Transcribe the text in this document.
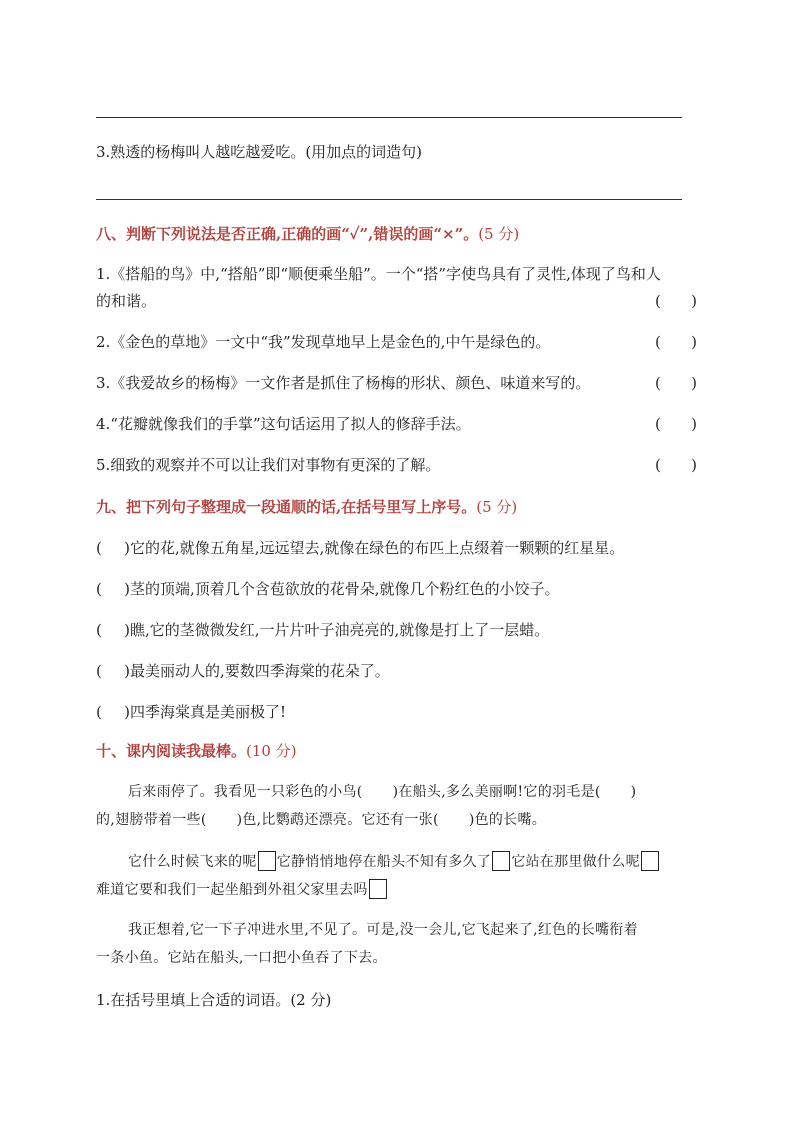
3.熟透的杨梅叫人越吃越爱吃。(用加点的词造句)
八、判断下列说法是否正确,正确的画“✓”,错误的画“×”。(5 分)
1.《搭船的鸟》中,“搭船”即“顺便乘坐船”。一个“搭”字使鸟具有了灵性,体现了鸟和人
的和谐。	( )
2.《金色的草地》一文中“我”发现草地早上是金色的,中午是绿色的。	( )
3.《我爱故乡的杨梅》一文作者是抓住了杨梅的形状、颜色、味道来写的。	( )
4.“花瓣就像我们的手掌”这句话运用了拟人的修辞手法。	( )
5.细致的观察并不可以让我们对事物有更深的了解。	( )
九、把下列句子整理成一段通顺的话,在括号里写上序号。(5 分)
( ) 它的花,就像五角星,远远望去,就像在绿色的布匹上点缀着一颗颗的红星星。
( ) 茎的顶端,顶着几个含苞欲放的花骨朵,就像几个粉红色的小饺子。
( ) 瞧,它的茎微微发红,一片片叶子油亮亮的,就像是打上了一层蜡。
( ) 最美丽动人的,要数四季海棠的花朵了。
( ) 四季海棠真是美丽极了!
十、课内阅读我最棒。(10 分)
后来雨停了。我看见一只彩色的小鸟( )在船头,多么美丽啊!它的羽毛是( )
的,翅膀带着一些( )色,比鹦鹉还漂亮。它还有一张( )色的长嘴。
它什么时候飞来的呢 它静悄悄地停在船头不知有多久了 它站在那里做什么呢
难道它要和我们一起坐船到外祖父家里去吗
我正想着,它一下子冲进水里,不见了。可是,没一会儿,它飞起来了,红色的长嘴衔着
一条小鱼。它站在船头,一口把小鱼吞了下去。
1.在括号里填上合适的词语。(2 分)
